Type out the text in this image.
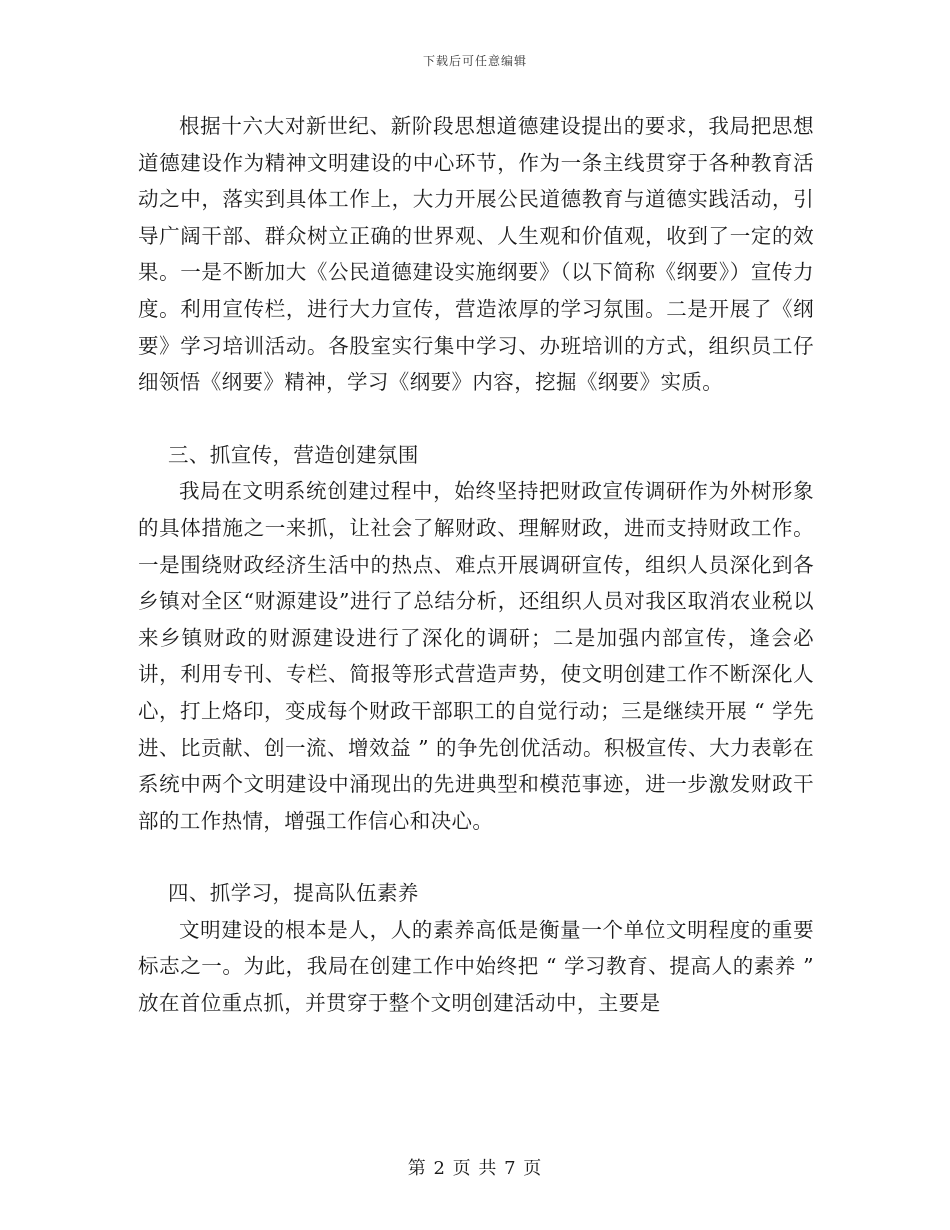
下载后可任意编辑

根据十六大对新世纪、新阶段思想道德建设提出的要求，我局把思想道德建设作为精神文明建设的中心环节，作为一条主线贯穿于各种教育活动之中，落实到具体工作上，大力开展公民道德教育与道德实践活动，引导广阔干部、群众树立正确的世界观、人生观和价值观，收到了一定的效果。一是不断加大《公民道德建设实施纲要》（以下简称《纲要》）宣传力度。利用宣传栏，进行大力宣传，营造浓厚的学习氛围。二是开展了《纲要》学习培训活动。各股室实行集中学习、办班培训的方式，组织员工仔细领悟《纲要》精神，学习《纲要》内容，挖掘《纲要》实质。

三、抓宣传，营造创建氛围

我局在文明系统创建过程中，始终坚持把财政宣传调研作为外树形象的具体措施之一来抓，让社会了解财政、理解财政，进而支持财政工作。一是围绕财政经济生活中的热点、难点开展调研宣传，组织人员深化到各乡镇对全区“财源建设”进行了总结分析，还组织人员对我区取消农业税以来乡镇财政的财源建设进行了深化的调研；二是加强内部宣传，逢会必讲，利用专刊、专栏、简报等形式营造声势，使文明创建工作不断深化人心，打上烙印，变成每个财政干部职工的自觉行动；三是继续开展 “ 学先进、比贡献、创一流、增效益 ” 的争先创优活动。积极宣传、大力表彰在系统中两个文明建设中涌现出的先进典型和模范事迹，进一步激发财政干部的工作热情，增强工作信心和决心。

四、抓学习，提高队伍素养

文明建设的根本是人，人的素养高低是衡量一个单位文明程度的重要标志之一。为此，我局在创建工作中始终把 “ 学习教育、提高人的素养 ” 放在首位重点抓，并贯穿于整个文明创建活动中，主要是

第 2 页 共 7 页
